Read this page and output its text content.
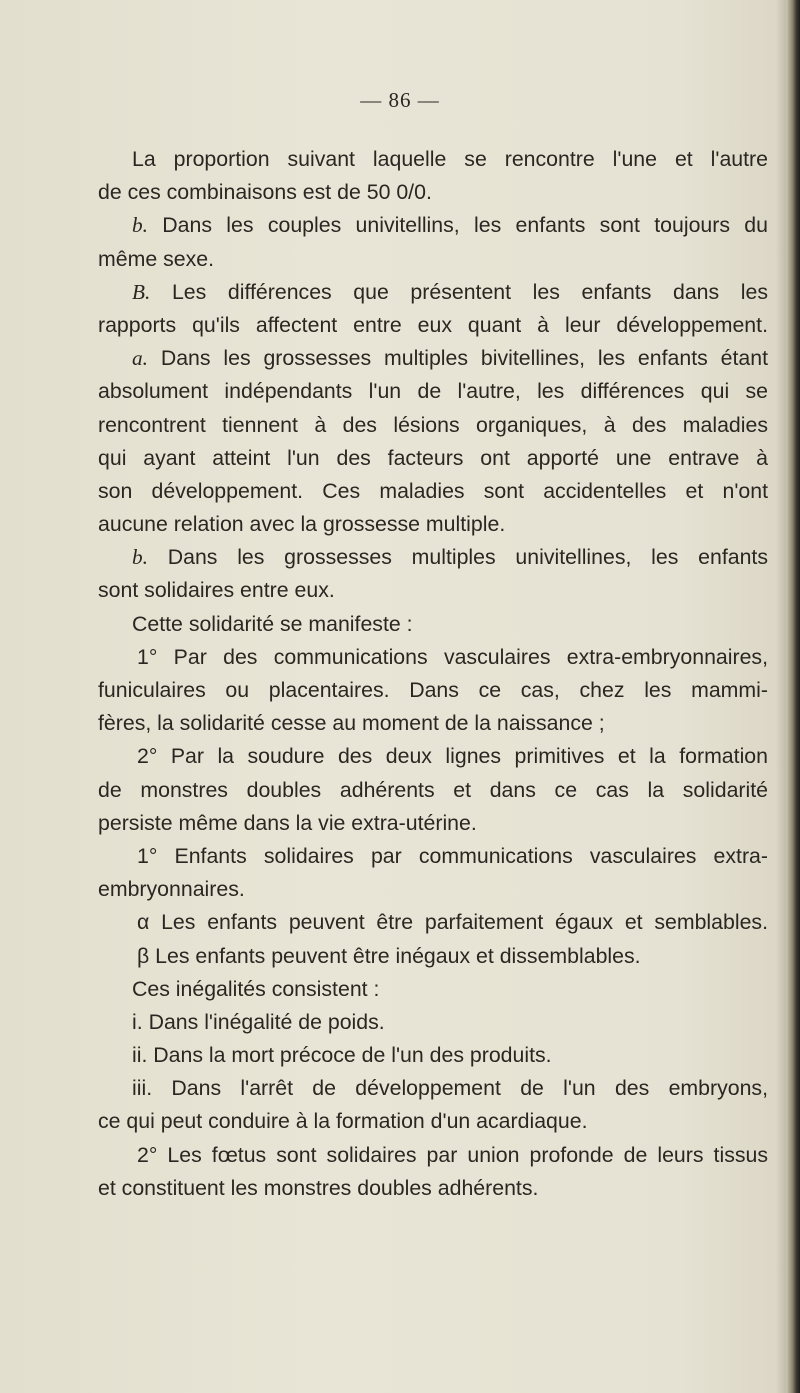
— 86 —
La proportion suivant laquelle se rencontre l'une et l'autre
de ces combinaisons est de 50 0/0.
b. Dans les couples univitellins, les enfants sont toujours du
même sexe.
B. Les différences que présentent les enfants dans les
rapports qu'ils affectent entre eux quant à leur développement.
a. Dans les grossesses multiples bivitellines, les enfants étant
absolument indépendants l'un de l'autre, les différences qui se
rencontrent tiennent à des lésions organiques, à des maladies
qui ayant atteint l'un des facteurs ont apporté une entrave à
son développement. Ces maladies sont accidentelles et n'ont
aucune relation avec la grossesse multiple.
b. Dans les grossesses multiples univitellines, les enfants
sont solidaires entre eux.
Cette solidarité se manifeste :
1° Par des communications vasculaires extra-embryonnaires,
funiculaires ou placentaires. Dans ce cas, chez les mammi-
fères, la solidarité cesse au moment de la naissance ;
2° Par la soudure des deux lignes primitives et la formation
de monstres doubles adhérents et dans ce cas la solidarité
persiste même dans la vie extra-utérine.
1° Enfants solidaires par communications vasculaires extra-
embryonnaires.
α Les enfants peuvent être parfaitement égaux et semblables.
β Les enfants peuvent être inégaux et dissemblables.
Ces inégalités consistent :
i. Dans l'inégalité de poids.
ii. Dans la mort précoce de l'un des produits.
iii. Dans l'arrêt de développement de l'un des embryons,
ce qui peut conduire à la formation d'un acardiaque.
2° Les fœtus sont solidaires par union profonde de leurs tissus
et constituent les monstres doubles adhérents.
